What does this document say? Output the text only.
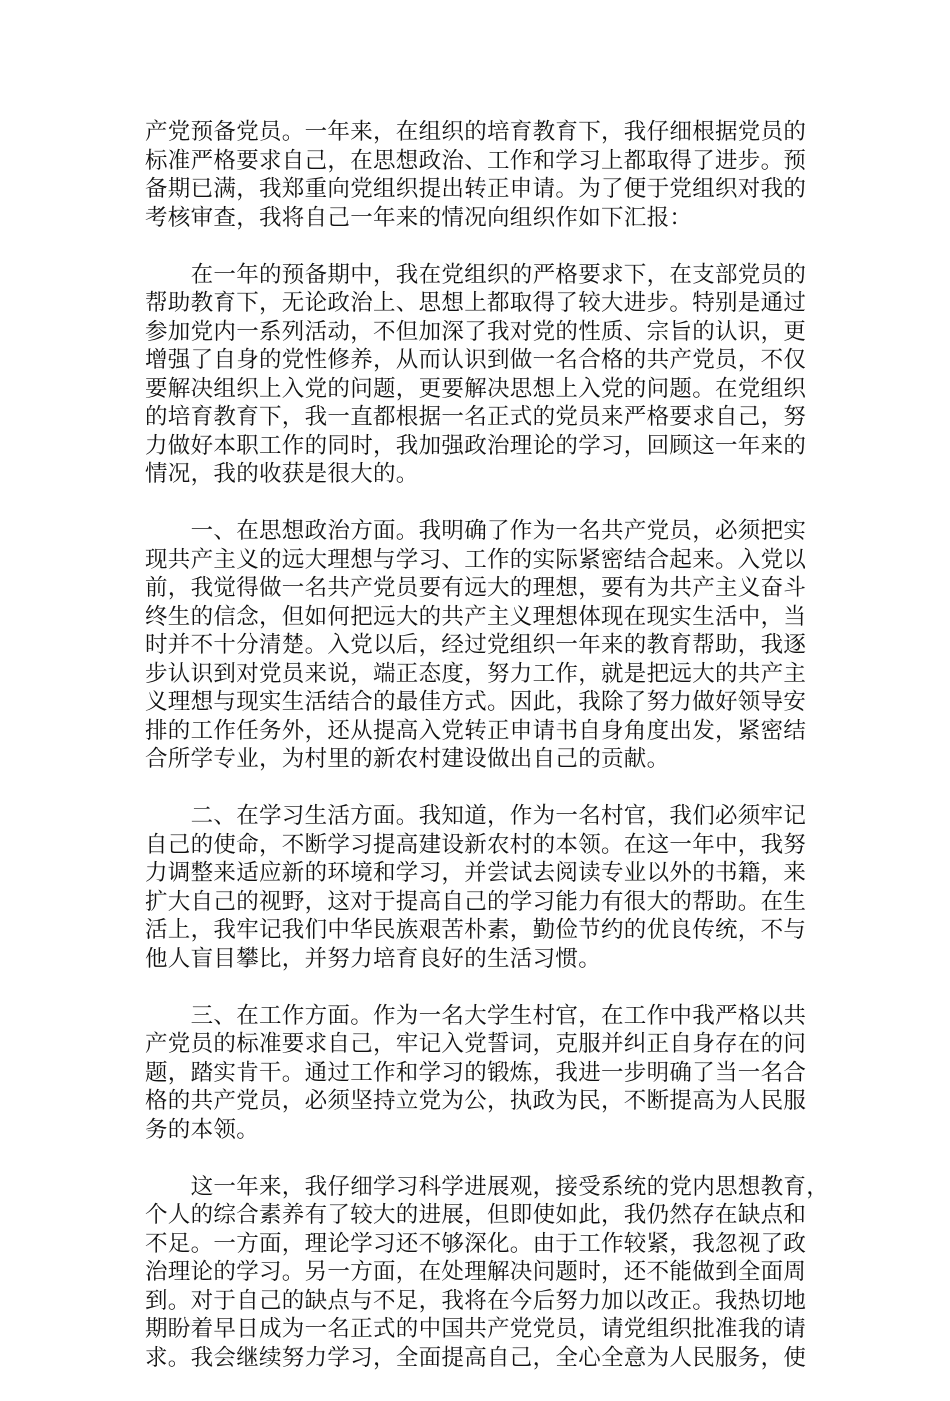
产党预备党员。一年来，在组织的培育教育下，我仔细根据党员的
标准严格要求自己，在思想政治、工作和学习上都取得了进步。预
备期已满，我郑重向党组织提出转正申请。为了便于党组织对我的
考核审查，我将自己一年来的情况向组织作如下汇报：
　　在一年的预备期中，我在党组织的严格要求下，在支部党员的
帮助教育下，无论政治上、思想上都取得了较大进步。特别是通过
参加党内一系列活动，不但加深了我对党的性质、宗旨的认识，更
增强了自身的党性修养，从而认识到做一名合格的共产党员，不仅
要解决组织上入党的问题，更要解决思想上入党的问题。在党组织
的培育教育下，我一直都根据一名正式的党员来严格要求自己，努
力做好本职工作的同时，我加强政治理论的学习，回顾这一年来的
情况，我的收获是很大的。
　　一、在思想政治方面。我明确了作为一名共产党员，必须把实
现共产主义的远大理想与学习、工作的实际紧密结合起来。入党以
前，我觉得做一名共产党员要有远大的理想，要有为共产主义奋斗
终生的信念，但如何把远大的共产主义理想体现在现实生活中，当
时并不十分清楚。入党以后，经过党组织一年来的教育帮助，我逐
步认识到对党员来说，端正态度，努力工作，就是把远大的共产主
义理想与现实生活结合的最佳方式。因此，我除了努力做好领导安
排的工作任务外，还从提高入党转正申请书自身角度出发，紧密结
合所学专业，为村里的新农村建设做出自己的贡献。
　　二、在学习生活方面。我知道，作为一名村官，我们必须牢记
自己的使命，不断学习提高建设新农村的本领。在这一年中，我努
力调整来适应新的环境和学习，并尝试去阅读专业以外的书籍，来
扩大自己的视野，这对于提高自己的学习能力有很大的帮助。在生
活上，我牢记我们中华民族艰苦朴素，勤俭节约的优良传统，不与
他人盲目攀比，并努力培育良好的生活习惯。
　　三、在工作方面。作为一名大学生村官，在工作中我严格以共
产党员的标准要求自己，牢记入党誓词，克服并纠正自身存在的问
题，踏实肯干。通过工作和学习的锻炼，我进一步明确了当一名合
格的共产党员，必须坚持立党为公，执政为民，不断提高为人民服
务的本领。
　　这一年来，我仔细学习科学进展观，接受系统的党内思想教育，
个人的综合素养有了较大的进展，但即使如此，我仍然存在缺点和
不足。一方面，理论学习还不够深化。由于工作较紧，我忽视了政
治理论的学习。另一方面，在处理解决问题时，还不能做到全面周
到。对于自己的缺点与不足，我将在今后努力加以改正。我热切地
期盼着早日成为一名正式的中国共产党党员，请党组织批准我的请
求。我会继续努力学习，全面提高自己，全心全意为人民服务，使
